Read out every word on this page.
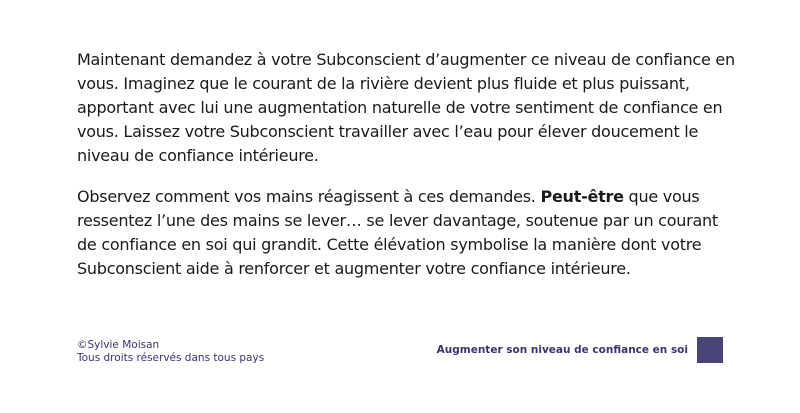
Maintenant demandez à votre Subconscient d’augmenter ce niveau de confiance en vous. Imaginez que le courant de la rivière devient plus fluide et plus puissant, apportant avec lui une augmentation naturelle de votre sentiment de confiance en vous. Laissez votre Subconscient travailler avec l’eau pour élever doucement le niveau de confiance intérieure.

Observez comment vos mains réagissent à ces demandes. Peut-être que vous ressentez l’une des mains se lever… se lever davantage, soutenue par un courant de confiance en soi qui grandit. Cette élévation symbolise la manière dont votre Subconscient aide à renforcer et augmenter votre confiance intérieure.

©Sylvie Moisan
Tous droits réservés dans tous pays
Augmenter son niveau de confiance en soi
